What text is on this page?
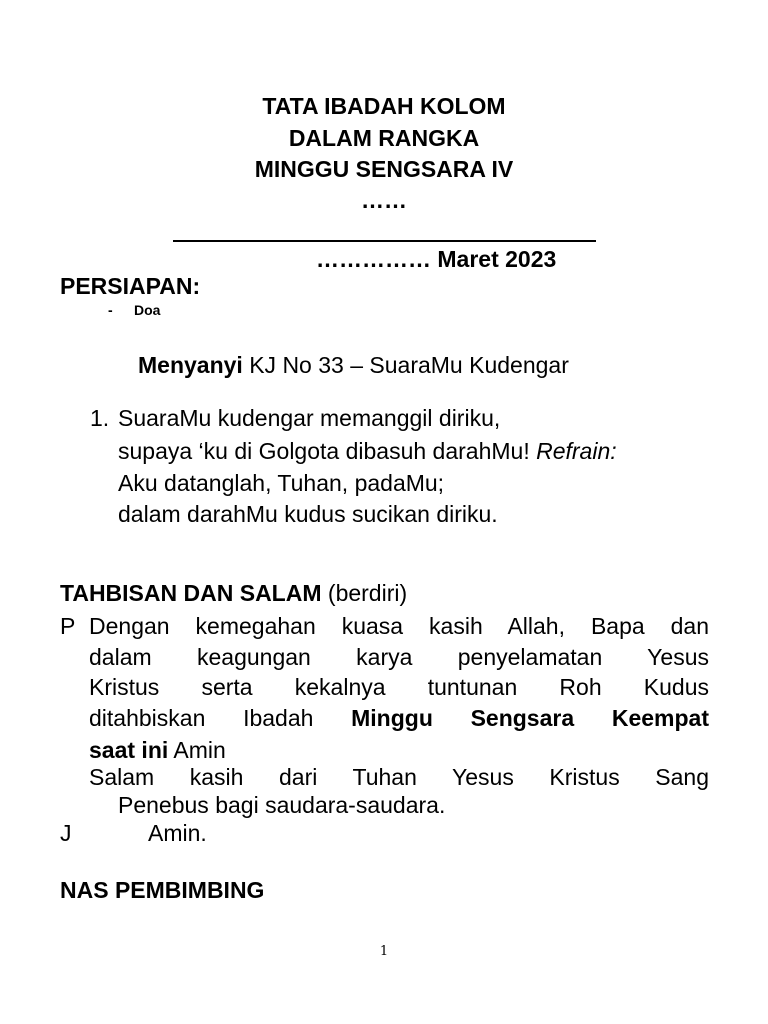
TATA IBADAH KOLOM
DALAM RANGKA
MINGGU SENGSARA IV
……
…………… Maret 2023
PERSIAPAN:
- Doa
Menyanyi KJ No 33 – SuaraMu Kudengar
1. SuaraMu kudengar memanggil diriku,
supaya ‘ku di Golgota dibasuh darahMu! Refrain:
Aku datanglah, Tuhan, padaMu;
dalam darahMu kudus sucikan diriku.
TAHBISAN DAN SALAM (berdiri)
P Dengan kemegahan kuasa kasih Allah, Bapa dan
dalam keagungan karya penyelamatan Yesus
Kristus serta kekalnya tuntunan Roh Kudus
ditahbiskan Ibadah Minggu Sengsara Keempat
saat ini Amin
Salam kasih dari Tuhan Yesus Kristus Sang
Penebus bagi saudara-saudara.
J	Amin.
NAS PEMBIMBING
1
